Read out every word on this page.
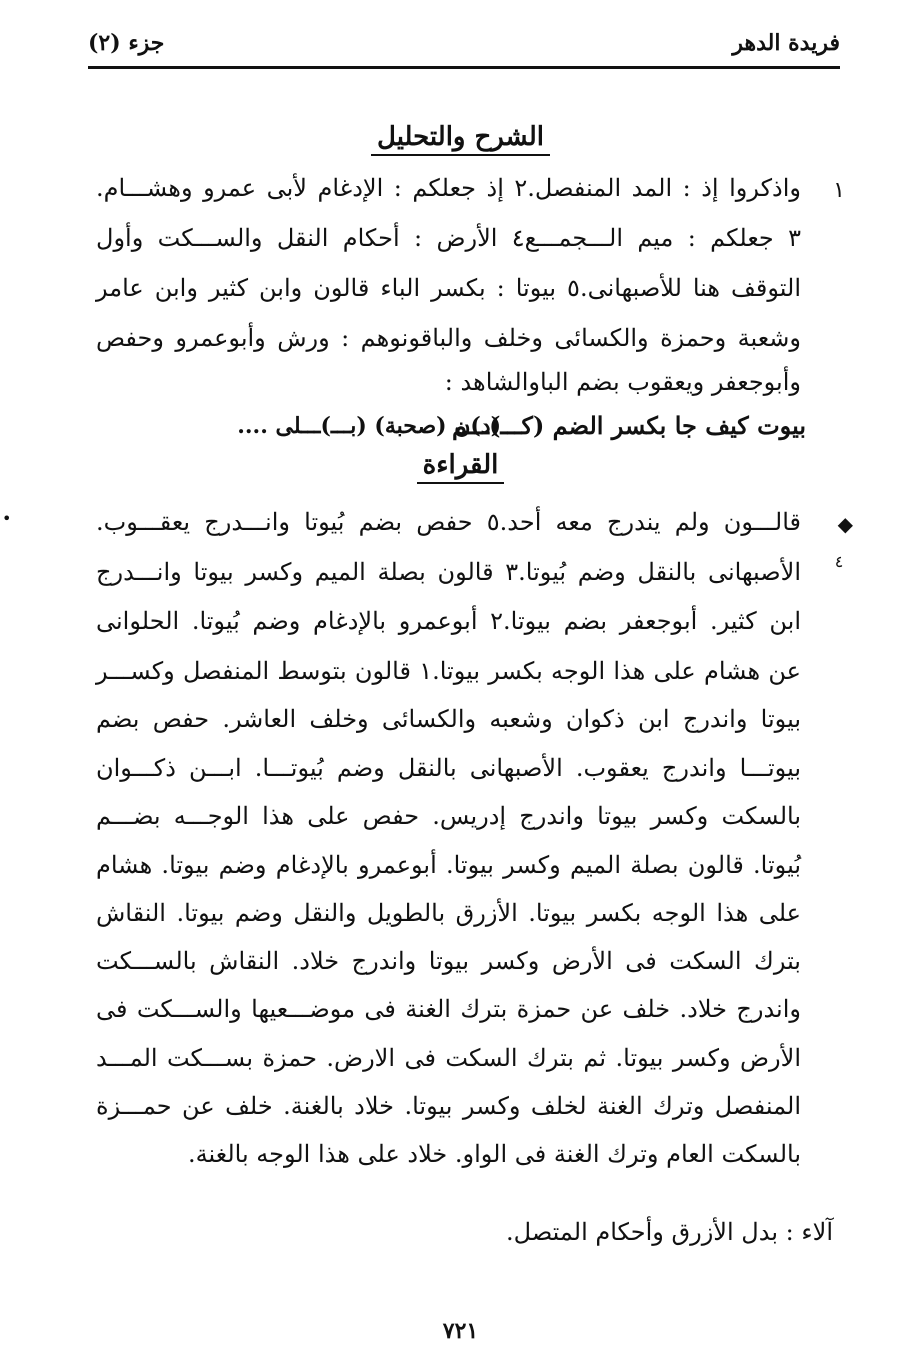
فريدة الدهر
جزء (٢)
الشرح والتحليل
١
واذكروا إذ : المد المنفصل.٢ إذ جعلكم : الإدغام لأبى عمرو وهشـــام.
٣ جعلكم : ميم الـــجمـــع٤ الأرض : أحكام النقل والســـكت وأول
التوقف هنا للأصبهانى.٥ بيوتا : بكسر الباء قالون وابن كثير وابن عامر
وشعبة وحمزة والكسائى وخلف والباقونوهم : ورش وأبوعمرو وحفص
وأبوجعفر ويعقوب بضم الباوالشاهد :
بيوت كيف جا بكسر الضم (كـــ)ـــم
(د)ن (صحبة) (بـــ)ـــلى ....
القراءة
◆
•
٤
قالـــون ولم يندرج معه أحد.٥ حفص بضم بُيوتا وانـــدرج يعقـــوب.
الأصبهانى بالنقل وضم بُيوتا.٣ قالون بصلة الميم وكسر بيوتا وانـــدرج
ابن كثير. أبوجعفر بضم بيوتا.٢ أبوعمرو بالإدغام وضم بُيوتا. الحلوانى
عن هشام على هذا الوجه بكسر بيوتا.١ قالون بتوسط المنفصل وكســـر
بيوتا واندرج ابن ذكوان وشعبه والكسائى وخلف العاشر. حفص بضم
بيوتـــا واندرج يعقوب. الأصبهانى بالنقل وضم بُيوتـــا. ابـــن ذكـــوان
بالسكت وكسر بيوتا واندرج إدريس. حفص على هذا الوجـــه بضـــم
بُيوتا. قالون بصلة الميم وكسر بيوتا. أبوعمرو بالإدغام وضم بيوتا. هشام
على هذا الوجه بكسر بيوتا. الأزرق بالطويل والنقل وضم بيوتا. النقاش
بترك السكت فى الأرض وكسر بيوتا واندرج خلاد. النقاش بالســـكت
واندرج خلاد. خلف عن حمزة بترك الغنة فى موضـــعيها والســـكت فى
الأرض وكسر بيوتا. ثم بترك السكت فى الارض. حمزة بســـكت المـــد
المنفصل وترك الغنة لخلف وكسر بيوتا. خلاد بالغنة. خلف عن حمـــزة
بالسكت العام وترك الغنة فى الواو. خلاد على هذا الوجه بالغنة.
آلاء : بدل الأزرق وأحكام المتصل.
٧٢١
